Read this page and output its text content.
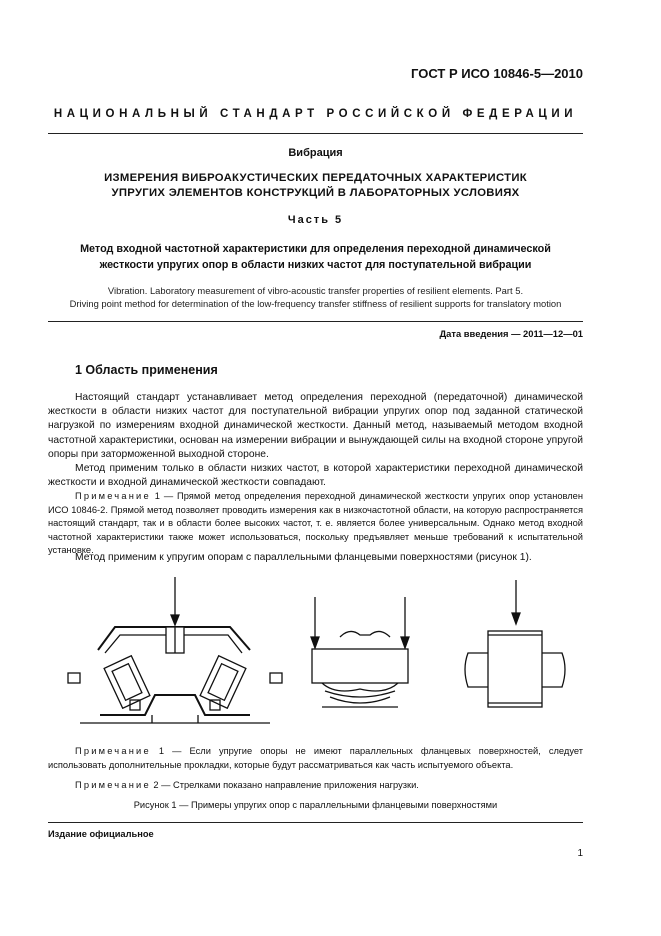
ГОСТ Р ИСО 10846-5—2010
НАЦИОНАЛЬНЫЙ СТАНДАРТ РОССИЙСКОЙ ФЕДЕРАЦИИ
Вибрация
ИЗМЕРЕНИЯ ВИБРОАКУСТИЧЕСКИХ ПЕРЕДАТОЧНЫХ ХАРАКТЕРИСТИК
УПРУГИХ ЭЛЕМЕНТОВ КОНСТРУКЦИЙ В ЛАБОРАТОРНЫХ УСЛОВИЯХ
Часть 5
Метод входной частотной характеристики для определения переходной динамической
жесткости упругих опор в области низких частот для поступательной вибрации
Vibration. Laboratory measurement of vibro-acoustic transfer properties of resilient elements. Part 5.
Driving point method for determination of the low-frequency transfer stiffness of resilient supports for translatory motion
Дата введения — 2011—12—01
1 Область применения
Настоящий стандарт устанавливает метод определения переходной (передаточной) динамической жесткости в области низких частот для поступательной вибрации упругих опор под заданной статической нагрузкой по измерениям входной динамической жесткости. Данный метод, называемый методом входной частотной характеристики, основан на измерении вибрации и вынуждающей силы на входной стороне упругой опоры при заторможенной выходной стороне.
Метод применим только в области низких частот, в которой характеристики переходной динамической жесткости и входной динамической жесткости совпадают.
Примечание 1 — Прямой метод определения переходной динамической жесткости упругих опор установлен ИСО 10846-2. Прямой метод позволяет проводить измерения как в низкочастотной области, на которую распространяется настоящий стандарт, так и в области более высоких частот, т. е. является более универсальным. Однако метод входной частотной характеристики также может использоваться, поскольку предъявляет меньше требований к испытательной установке.
Метод применим к упругим опорам с параллельными фланцевыми поверхностями (рисунок 1).
Примечание 1 — Если упругие опоры не имеют параллельных фланцевых поверхностей, следует использовать дополнительные прокладки, которые будут рассматриваться как часть испытуемого объекта.
Примечание 2 — Стрелками показано направление приложения нагрузки.
Рисунок 1 — Примеры упругих опор с параллельными фланцевыми поверхностями
Издание официальное
1
